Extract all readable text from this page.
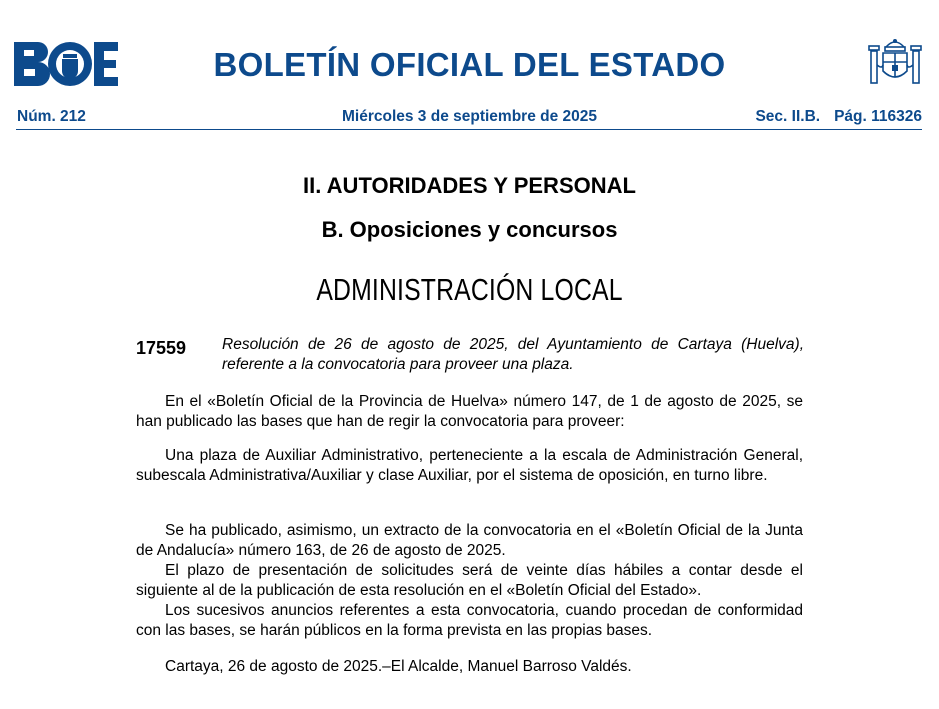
BOLETÍN OFICIAL DEL ESTADO
Núm. 212	Miércoles 3 de septiembre de 2025	Sec. II.B. Pág. 116326
II. AUTORIDADES Y PERSONAL
B. Oposiciones y concursos
ADMINISTRACIÓN LOCAL
17559 Resolución de 26 de agosto de 2025, del Ayuntamiento de Cartaya (Huelva), referente a la convocatoria para proveer una plaza.

En el «Boletín Oficial de la Provincia de Huelva» número 147, de 1 de agosto de 2025, se han publicado las bases que han de regir la convocatoria para proveer:

Una plaza de Auxiliar Administrativo, perteneciente a la escala de Administración General, subescala Administrativa/Auxiliar y clase Auxiliar, por el sistema de oposición, en turno libre.

Se ha publicado, asimismo, un extracto de la convocatoria en el «Boletín Oficial de la Junta de Andalucía» número 163, de 26 de agosto de 2025.

El plazo de presentación de solicitudes será de veinte días hábiles a contar desde el siguiente al de la publicación de esta resolución en el «Boletín Oficial del Estado».

Los sucesivos anuncios referentes a esta convocatoria, cuando procedan de conformidad con las bases, se harán públicos en la forma prevista en las propias bases.

Cartaya, 26 de agosto de 2025.–El Alcalde, Manuel Barroso Valdés.
